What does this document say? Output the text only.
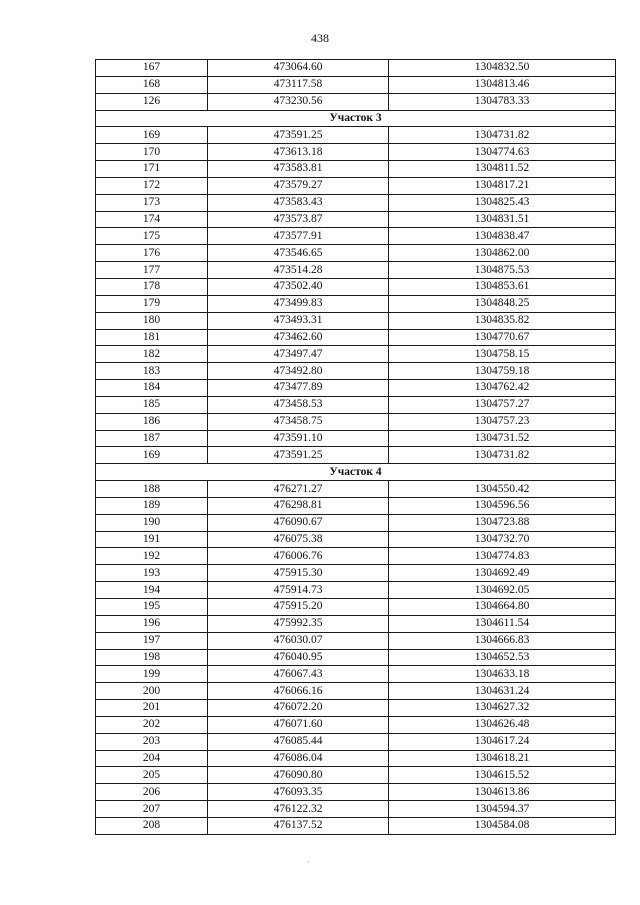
438
167	473064.60	1304832.50
168	473117.58	1304813.46
126	473230.56	1304783.33
Участок 3		
169	473591.25	1304731.82
170	473613.18	1304774.63
171	473583.81	1304811.52
172	473579.27	1304817.21
173	473583.43	1304825.43
174	473573.87	1304831.51
175	473577.91	1304838.47
176	473546.65	1304862.00
177	473514.28	1304875.53
178	473502.40	1304853.61
179	473499.83	1304848.25
180	473493.31	1304835.82
181	473462.60	1304770.67
182	473497.47	1304758.15
183	473492.80	1304759.18
184	473477.89	1304762.42
185	473458.53	1304757.27
186	473458.75	1304757.23
187	473591.10	1304731.52
169	473591.25	1304731.82
Участок 4		
188	476271.27	1304550.42
189	476298.81	1304596.56
190	476090.67	1304723.88
191	476075.38	1304732.70
192	476006.76	1304774.83
193	475915.30	1304692.49
194	475914.73	1304692.05
195	475915.20	1304664.80
196	475992.35	1304611.54
197	476030.07	1304666.83
198	476040.95	1304652.53
199	476067.43	1304633.18
200	476066.16	1304631.24
201	476072.20	1304627.32
202	476071.60	1304626.48
203	476085.44	1304617.24
204	476086.04	1304618.21
205	476090.80	1304615.52
206	476093.35	1304613.86
207	476122.32	1304594.37
208	476137.52	1304584.08
·
